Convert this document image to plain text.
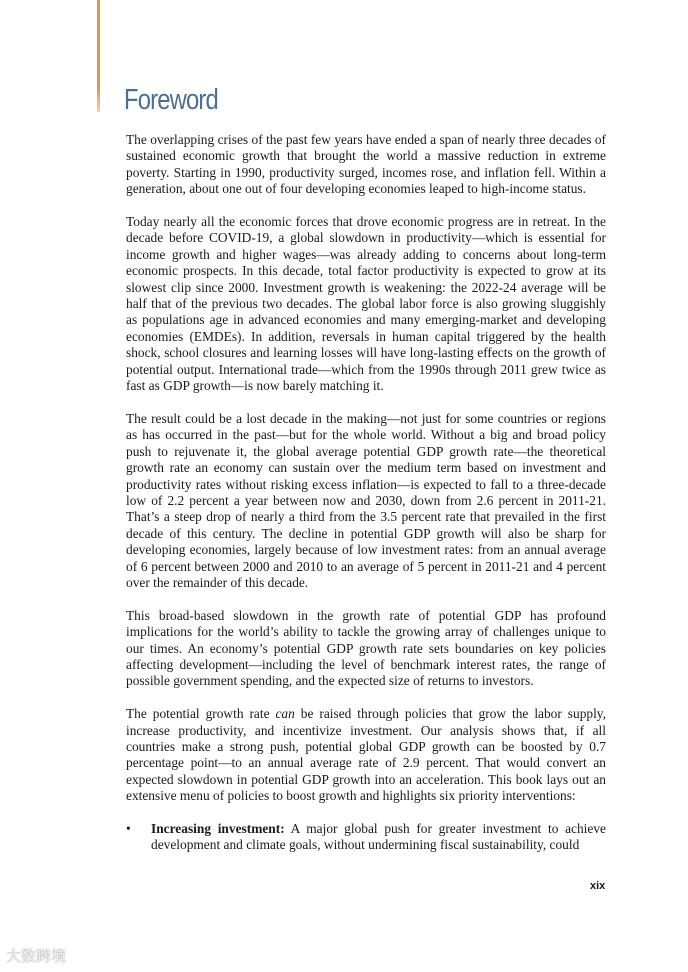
Foreword

The overlapping crises of the past few years have ended a span of nearly three decades of sustained economic growth that brought the world a massive reduction in extreme poverty. Starting in 1990, productivity surged, incomes rose, and inflation fell. Within a generation, about one out of four developing economies leaped to high-income status.

Today nearly all the economic forces that drove economic progress are in retreat. In the decade before COVID-19, a global slowdown in productivity—which is essential for income growth and higher wages—was already adding to concerns about long-term economic prospects. In this decade, total factor productivity is expected to grow at its slowest clip since 2000. Investment growth is weakening: the 2022-24 average will be half that of the previous two decades. The global labor force is also growing sluggishly as populations age in advanced economies and many emerging-market and developing economies (EMDEs). In addition, reversals in human capital triggered by the health shock, school closures and learning losses will have long-lasting effects on the growth of potential output. International trade—which from the 1990s through 2011 grew twice as fast as GDP growth—is now barely matching it.

The result could be a lost decade in the making—not just for some countries or regions as has occurred in the past—but for the whole world. Without a big and broad policy push to rejuvenate it, the global average potential GDP growth rate—the theoretical growth rate an economy can sustain over the medium term based on investment and productivity rates without risking excess inflation—is expected to fall to a three-decade low of 2.2 percent a year between now and 2030, down from 2.6 percent in 2011-21. That’s a steep drop of nearly a third from the 3.5 percent rate that prevailed in the first decade of this century. The decline in potential GDP growth will also be sharp for developing economies, largely because of low investment rates: from an annual average of 6 percent between 2000 and 2010 to an average of 5 percent in 2011-21 and 4 percent over the remainder of this decade.

This broad-based slowdown in the growth rate of potential GDP has profound implications for the world’s ability to tackle the growing array of challenges unique to our times. An economy’s potential GDP growth rate sets boundaries on key policies affecting development—including the level of benchmark interest rates, the range of possible government spending, and the expected size of returns to investors.

The potential growth rate can be raised through policies that grow the labor supply, increase productivity, and incentivize investment. Our analysis shows that, if all countries make a strong push, potential global GDP growth can be boosted by 0.7 percentage point—to an annual average rate of 2.9 percent. That would convert an expected slowdown in potential GDP growth into an acceleration. This book lays out an extensive menu of policies to boost growth and highlights six priority interventions:

• Increasing investment: A major global push for greater investment to achieve development and climate goals, without undermining fiscal sustainability, could
xix
大数跨境
